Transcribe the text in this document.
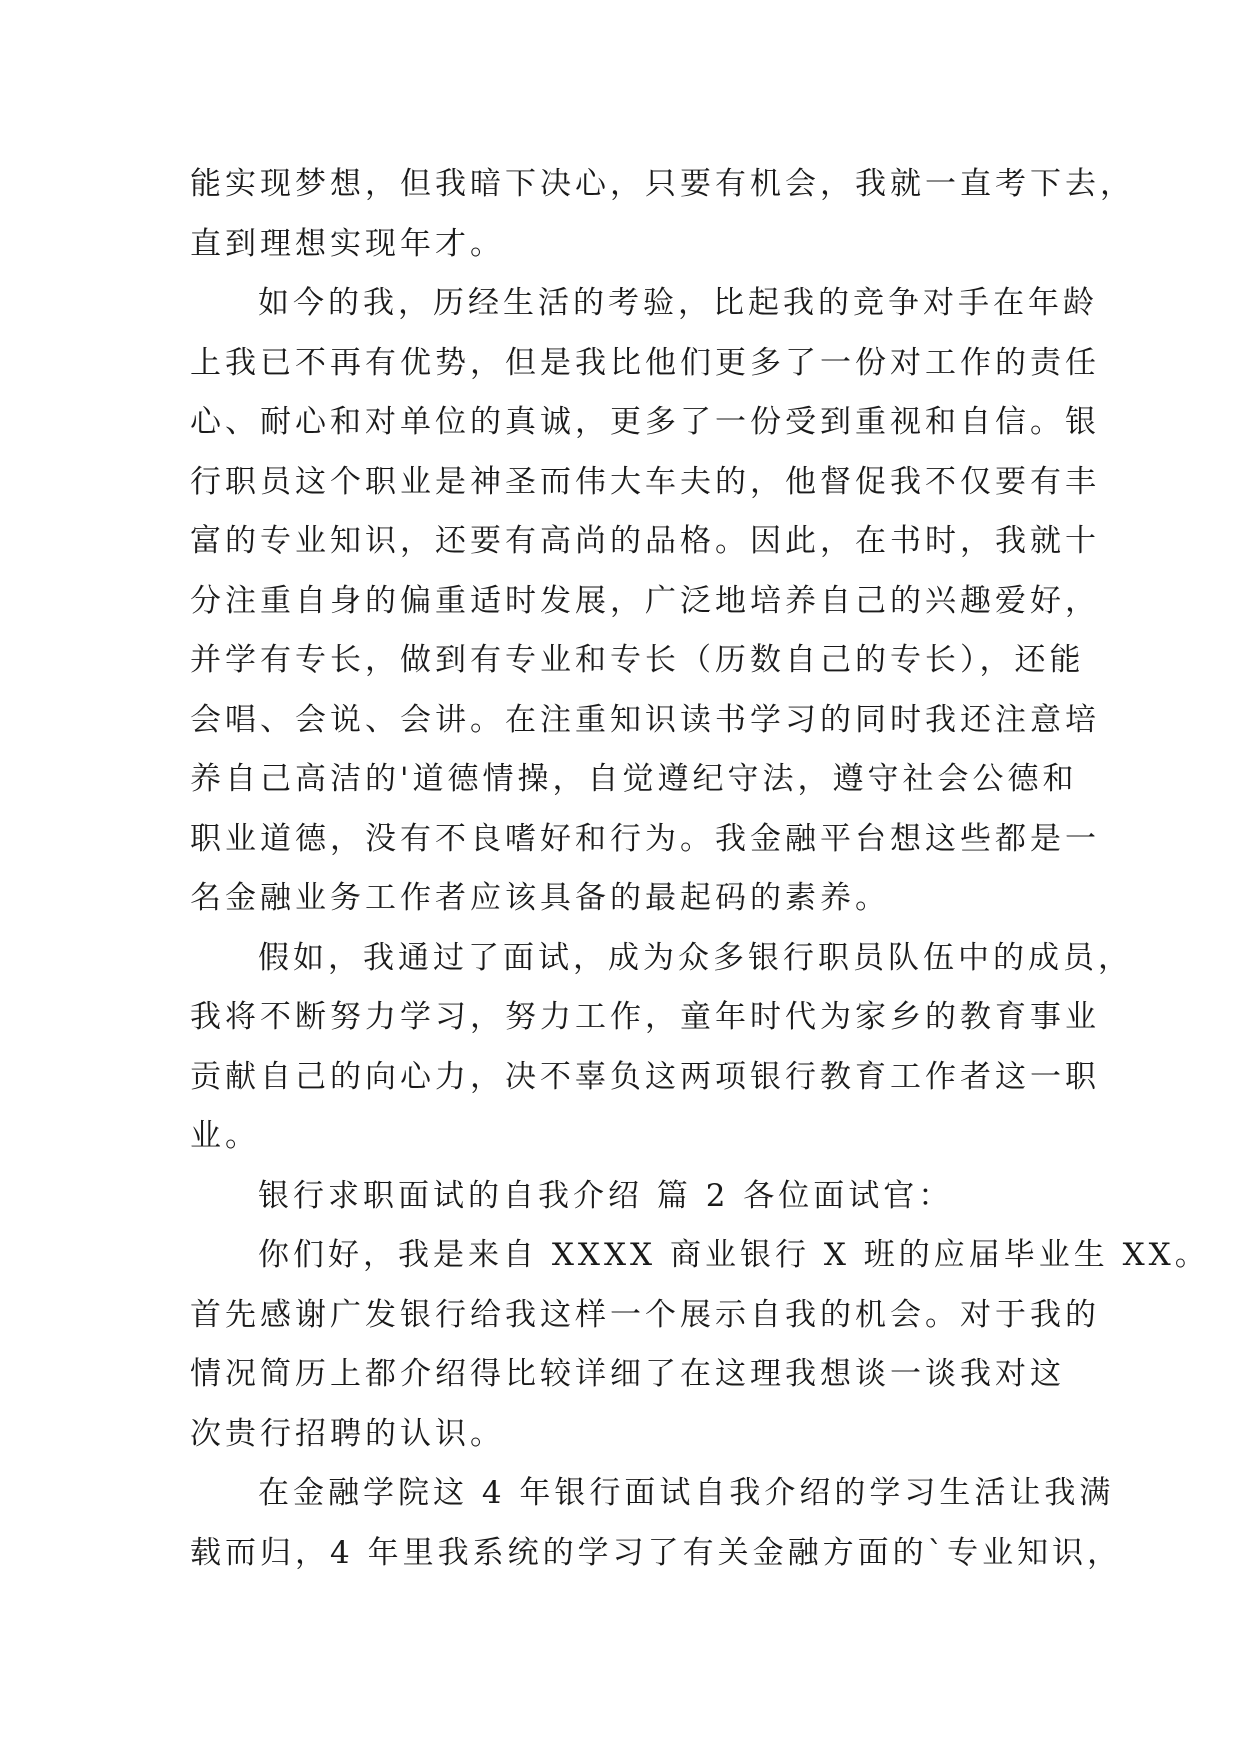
能实现梦想，但我暗下决心，只要有机会，我就一直考下去，
直到理想实现年才。
如今的我，历经生活的考验，比起我的竞争对手在年龄
上我已不再有优势，但是我比他们更多了一份对工作的责任
心、耐心和对单位的真诚，更多了一份受到重视和自信。银
行职员这个职业是神圣而伟大车夫的，他督促我不仅要有丰
富的专业知识，还要有高尚的品格。因此，在书时，我就十
分注重自身的偏重适时发展，广泛地培养自己的兴趣爱好，
并学有专长，做到有专业和专长（历数自己的专长），还能
会唱、会说、会讲。在注重知识读书学习的同时我还注意培
养自己高洁的'道德情操，自觉遵纪守法，遵守社会公德和
职业道德，没有不良嗜好和行为。我金融平台想这些都是一
名金融业务工作者应该具备的最起码的素养。
假如，我通过了面试，成为众多银行职员队伍中的成员，
我将不断努力学习，努力工作，童年时代为家乡的教育事业
贡献自己的向心力，决不辜负这两项银行教育工作者这一职
业。
银行求职面试的自我介绍 篇 2 各位面试官：
你们好，我是来自 XXXX 商业银行 X 班的应届毕业生 XX。
首先感谢广发银行给我这样一个展示自我的机会。对于我的
情况简历上都介绍得比较详细了在这理我想谈一谈我对这
次贵行招聘的认识。
在金融学院这 4 年银行面试自我介绍的学习生活让我满
载而归，4 年里我系统的学习了有关金融方面的`专业知识，
